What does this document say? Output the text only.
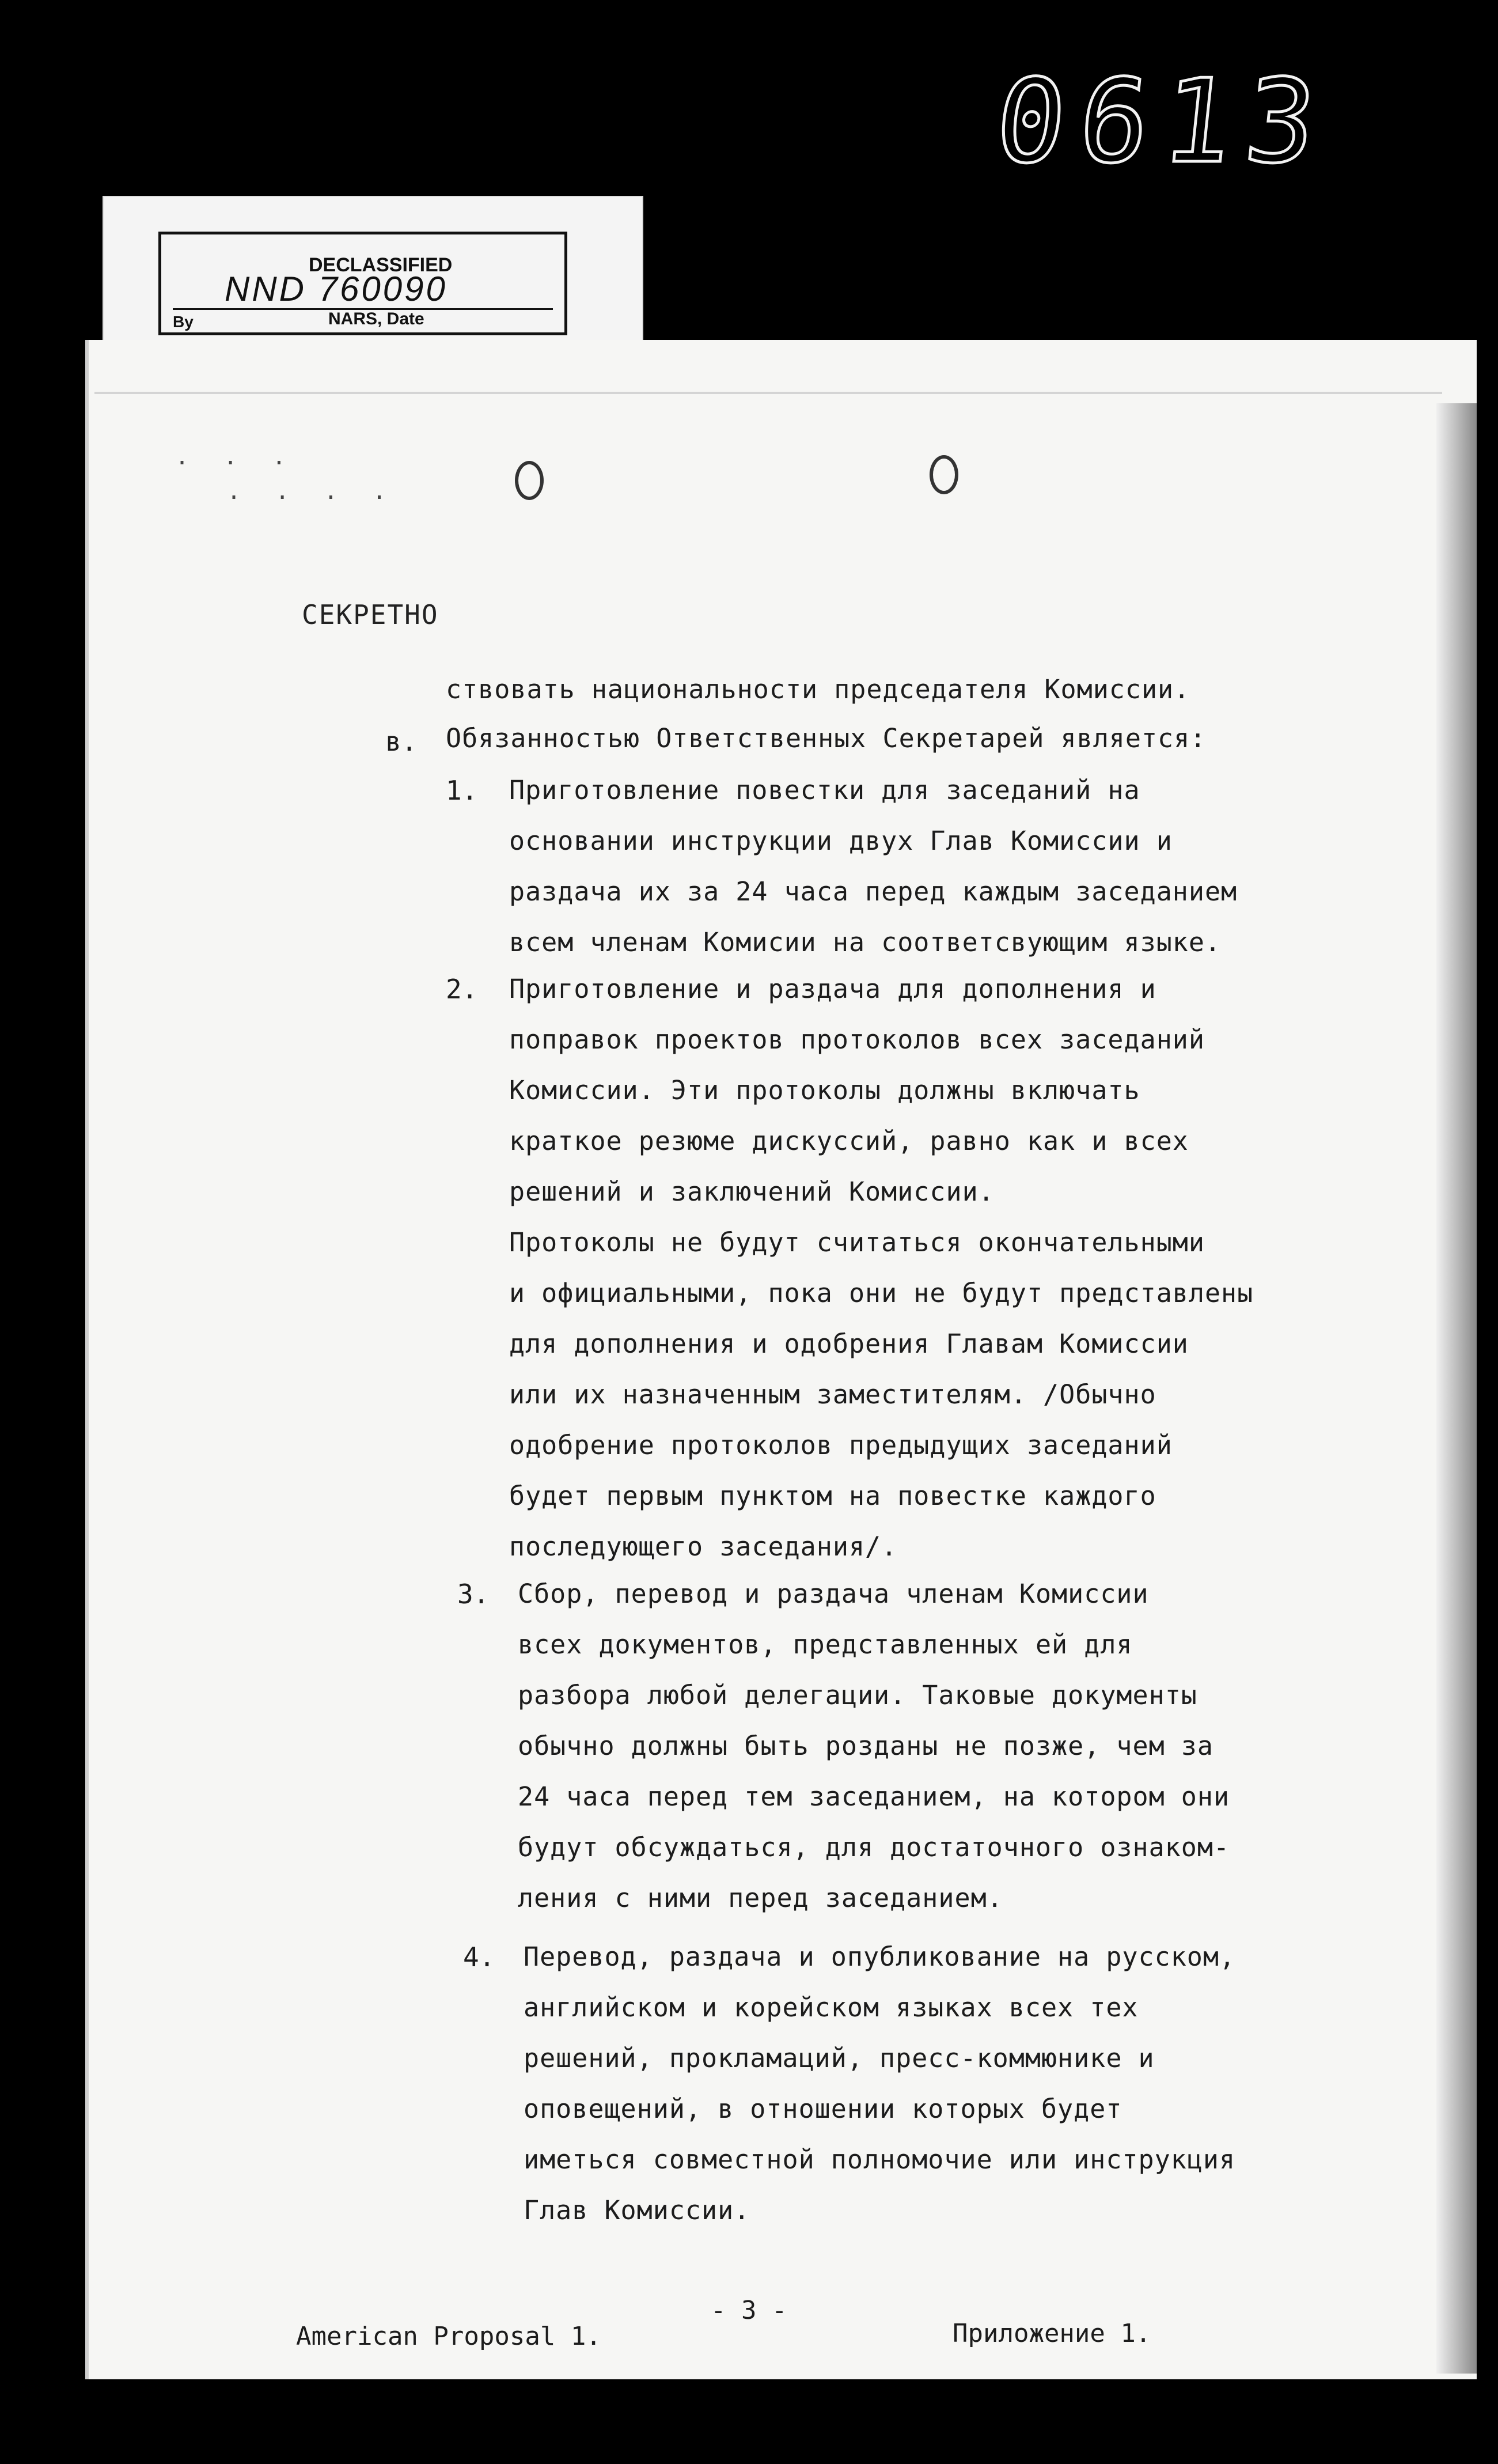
0613
DECLASSIFIED
NND 760090
By	NARS, Date
. . .
. . . .
СЕКРЕТНО
ствовать национальности председателя Комиссии.
в. Обязанностью Ответственных Секретарей является:
1. Приготовление повестки для заседаний на
основании инструкции двух Глав Комиссии и
раздача их за 24 часа перед каждым заседанием
всем членам Комисии на соответсвующим языке.
2. Приготовление и раздача для дополнения и
поправок проектов протоколов всех заседаний
Комиссии. Эти протоколы должны включать
краткое резюме дискуссий, равно как и всех
решений и заключений Комиссии.
Протоколы не будут считаться окончательными
и официальными, пока они не будут представлены
для дополнения и одобрения Главам Комиссии
или их назначенным заместителям. /Обычно
одобрение протоколов предыдущих заседаний
будет первым пунктом на повестке каждого
последующего заседания/.
3. Сбор, перевод и раздача членам Комиссии
всех документов, представленных ей для
разбора любой делегации. Таковые документы
обычно должны быть розданы не позже, чем за
24 часа перед тем заседанием, на котором они
будут обсуждаться, для достаточного ознаком-
ления с ними перед заседанием.
4. Перевод, раздача и опубликование на русском,
английском и корейском языках всех тех
решений, прокламаций, пресс-коммюнике и
оповещений, в отношении которых будет
иметься совместной полномочие или инструкция
Глав Комиссии.
American Proposal 1.
- 3 -
Приложение 1.
